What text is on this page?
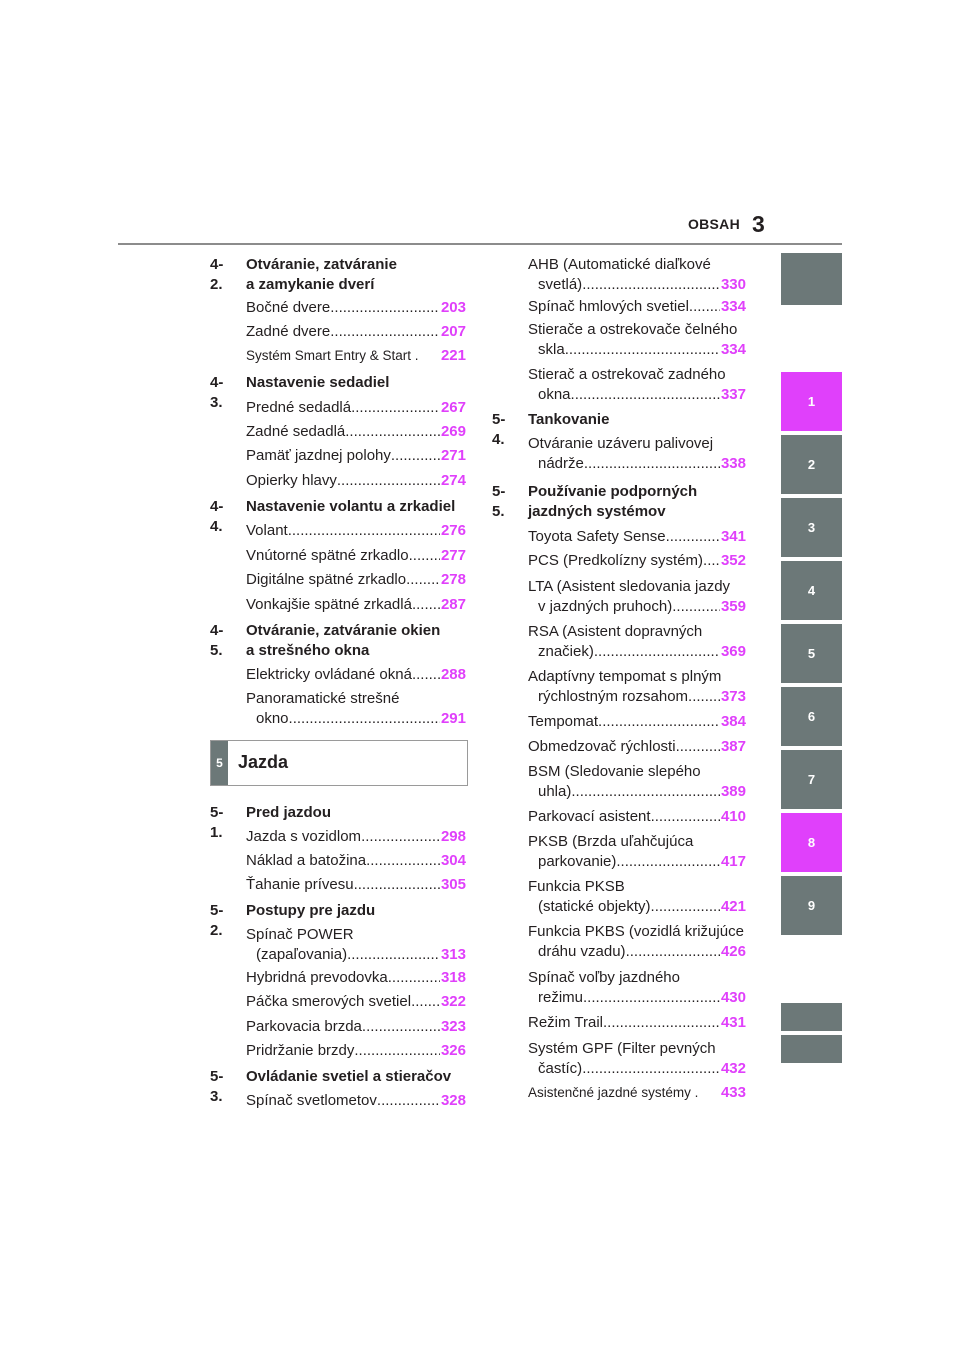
OBSAH 3
1
2
3
4
5
6
7
8
9
4-2.
Otváranie, zatváranie
a zamykanie dverí
Bočné dvere .....	203
Zadné dvere .....	207
Systém Smart Entry & Start . 221
4-3.
Nastavenie sedadiel
Predné sedadlá .....	267
Zadné sedadlá .....	269
Pamäť jazdnej polohy .....	271
Opierky hlavy .....	274
4-4.
Nastavenie volantu a zrkadiel
Volant .....	276
Vnútorné spätné zrkadlo ..... 277
Digitálne spätné zrkadlo ..... 278
Vonkajšie spätné zrkadlá ..... 287
4-5.
Otváranie, zatváranie okien
a strešného okna
Elektricky ovládané okná ..... 288
Panoramatické strešné
okno .....	291
5 Jazda
5-1.
Pred jazdou
Jazda s vozidlom .....	298
Náklad a batožina .....	304
Ťahanie prívesu .....	305
5-2.
Postupy pre jazdu
Spínač POWER
(zapaľovania) .....	313
Hybridná prevodovka .....	318
Páčka smerových svetiel ..... 322
Parkovacia brzda .....	323
Pridržanie brzdy .....	326
5-3.
Ovládanie svetiel a stieračov
Spínač svetlometov .....	328
AHB (Automatické diaľkové
svetlá) .....	330
Spínač hmlových svetiel ..... 334
Stierače a ostrekovače čelného
skla .....	334
Stierač a ostrekovač zadného
okna .....	337
5-4.
Tankovanie
Otváranie uzáveru palivovej
nádrže .....	338
5-5.
Používanie podporných
jazdných systémov
Toyota Safety Sense .....	341
PCS (Predkolízny systém) ..... 352
LTA (Asistent sledovania jazdy
v jazdných pruhoch) .....	359
RSA (Asistent dopravných
značiek) .....	369
Adaptívny tempomat s plným
rýchlostným rozsahom ..... 373
Tempomat .....	384
Obmedzovač rýchlosti .....	387
BSM (Sledovanie slepého
uhla) .....	389
Parkovací asistent .....	410
PKSB (Brzda uľahčujúca
parkovanie) .....	417
Funkcia PKSB
(statické objekty) .....	421
Funkcia PKBS (vozidlá križujúce
dráhu vzadu) .....	426
Spínač voľby jazdného
režimu .....	430
Režim Trail .....	431
Systém GPF (Filter pevných
častíc) .....	432
Asistenčné jazdné systémy . 433
